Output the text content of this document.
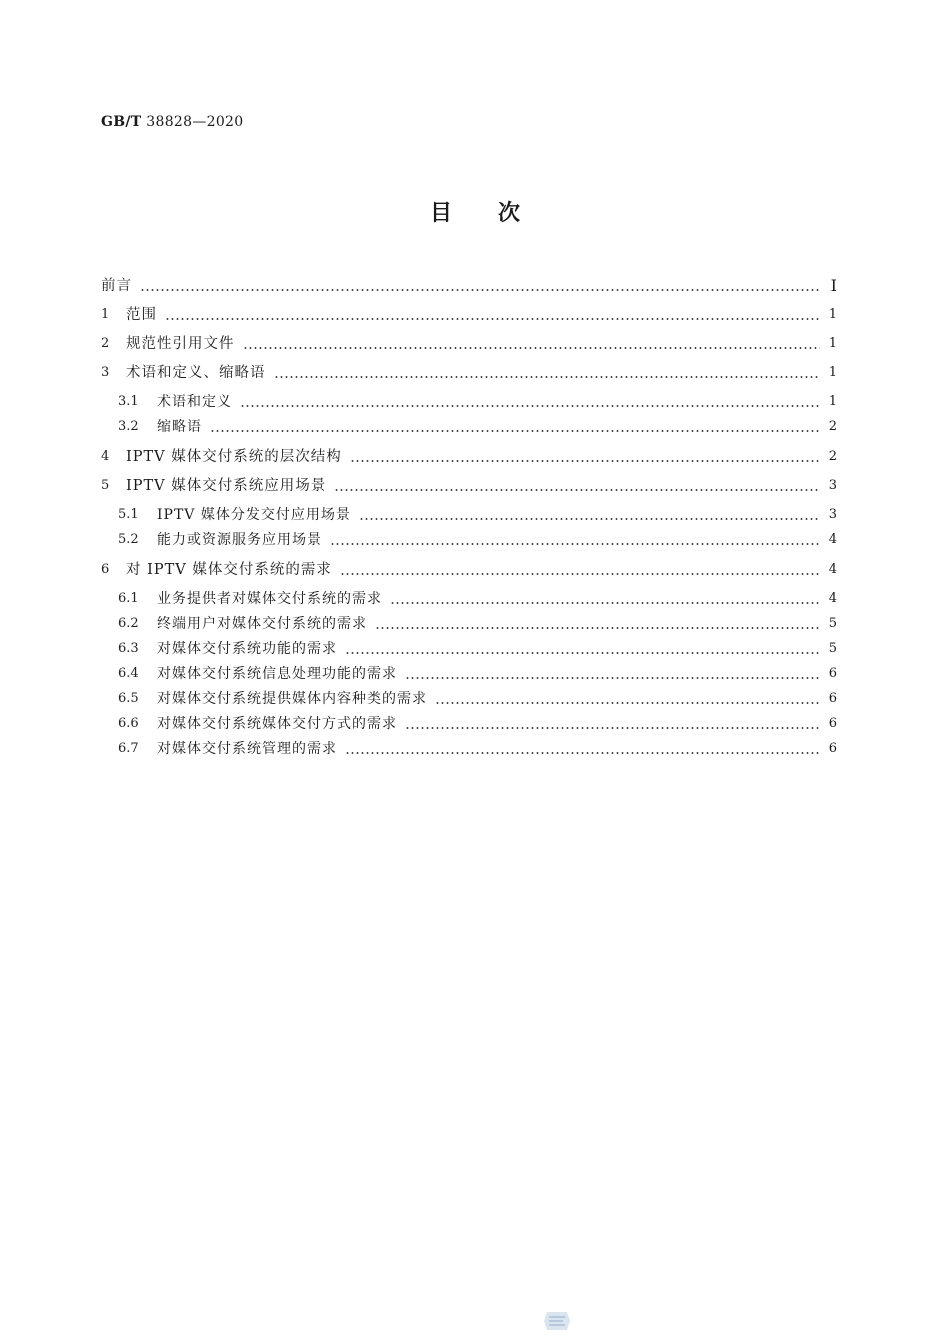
GB/T 38828—2020
目 次
前言	I
1	范围	1
2	规范性引用文件	1
3	术语和定义、缩略语	1
3.1	术语和定义	1
3.2	缩略语	2
4	IPTV 媒体交付系统的层次结构	2
5	IPTV 媒体交付系统应用场景	3
5.1	IPTV 媒体分发交付应用场景	3
5.2	能力或资源服务应用场景	4
6	对 IPTV 媒体交付系统的需求	4
6.1	业务提供者对媒体交付系统的需求	4
6.2	终端用户对媒体交付系统的需求	5
6.3	对媒体交付系统功能的需求	5
6.4	对媒体交付系统信息处理功能的需求	6
6.5	对媒体交付系统提供媒体内容种类的需求	6
6.6	对媒体交付系统媒体交付方式的需求	6
6.7	对媒体交付系统管理的需求	6
